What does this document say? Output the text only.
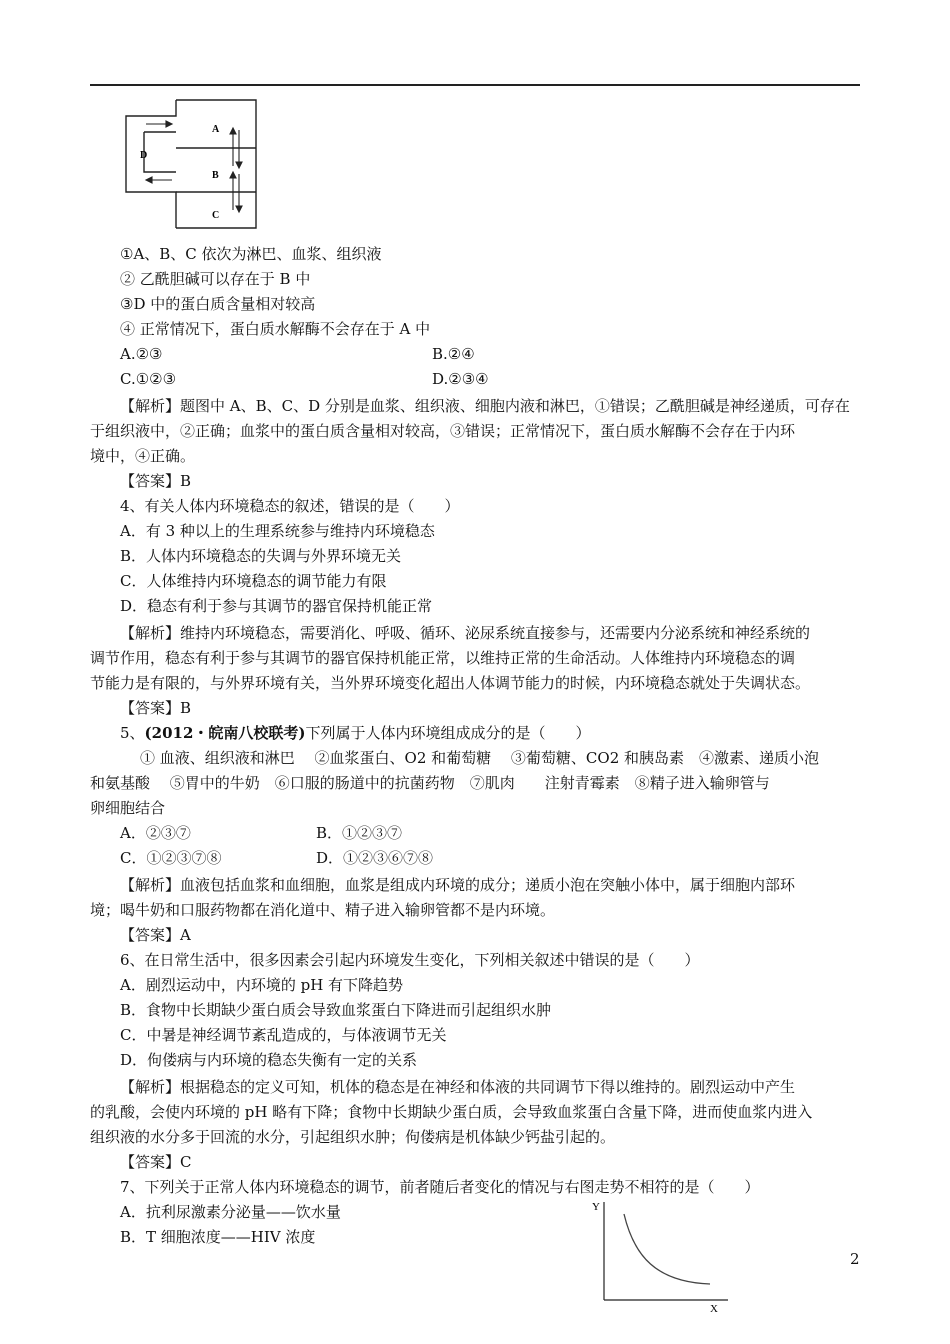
A
B
C
D
①A、B、C 依次为淋巴、血浆、组织液
② 乙酰胆碱可以存在于 B 中
③D 中的蛋白质含量相对较高
④ 正常情况下，蛋白质水解酶不会存在于 A 中
A.②③	B.②④
C.①②③	D.②③④
【解析】题图中 A、B、C、D 分别是血浆、组织液、细胞内液和淋巴，①错误；乙酰胆碱是神经递质，可存在
于组织液中，②正确；血浆中的蛋白质含量相对较高，③错误；正常情况下，蛋白质水解酶不会存在于内环
境中，④正确。
【答案】B
4、有关人体内环境稳态的叙述，错误的是（　　）
A．有 3 种以上的生理系统参与维持内环境稳态
B．人体内环境稳态的失调与外界环境无关
C．人体维持内环境稳态的调节能力有限
D．稳态有利于参与其调节的器官保持机能正常
【解析】维持内环境稳态，需要消化、呼吸、循环、泌尿系统直接参与，还需要内分泌系统和神经系统的
调节作用，稳态有利于参与其调节的器官保持机能正常，以维持正常的生命活动。人体维持内环境稳态的调
节能力是有限的，与外界环境有关，当外界环境变化超出人体调节能力的时候，内环境稳态就处于失调状态。
【答案】B
5、(2012・皖南八校联考)下列属于人体内环境组成成分的是（　　）
① 血液、组织液和淋巴　 ②血浆蛋白、O2 和葡萄糖　 ③葡萄糖、CO2 和胰岛素　④激素、递质小泡
和氨基酸　 ⑤胃中的牛奶　⑥口服的肠道中的抗菌药物　⑦肌肉　　注射青霉素　⑧精子进入输卵管与
卵细胞结合
A．②③⑦	B．①②③⑦
C．①②③⑦⑧	D．①②③⑥⑦⑧
【解析】血液包括血浆和血细胞，血浆是组成内环境的成分；递质小泡在突触小体中，属于细胞内部环
境；喝牛奶和口服药物都在消化道中、精子进入输卵管都不是内环境。
【答案】A
6、在日常生活中，很多因素会引起内环境发生变化，下列相关叙述中错误的是（　　）
A．剧烈运动中，内环境的 pH 有下降趋势
B．食物中长期缺少蛋白质会导致血浆蛋白下降进而引起组织水肿
C．中暑是神经调节紊乱造成的，与体液调节无关
D．佝偻病与内环境的稳态失衡有一定的关系
【解析】根据稳态的定义可知，机体的稳态是在神经和体液的共同调节下得以维持的。剧烈运动中产生
的乳酸，会使内环境的 pH 略有下降；食物中长期缺少蛋白质，会导致血浆蛋白含量下降，进而使血浆内进入
组织液的水分多于回流的水分，引起组织水肿；佝偻病是机体缺少钙盐引起的。
【答案】C
7、下列关于正常人体内环境稳态的调节，前者随后者变化的情况与右图走势不相符的是（　　）
A．抗利尿激素分泌量——饮水量
B．T 细胞浓度——HIV 浓度
Y
X
2
